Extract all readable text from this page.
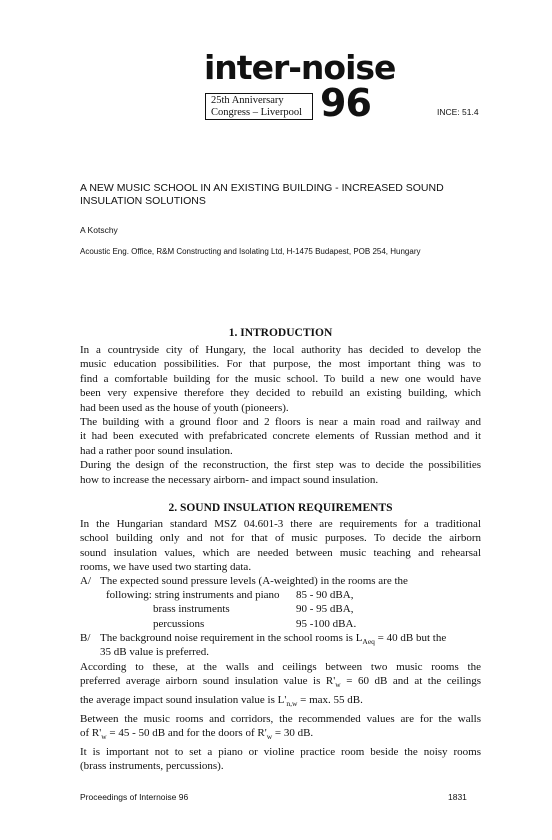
inter-noise
25th Anniversary
Congress – Liverpool 96	INCE: 51.4
A NEW MUSIC SCHOOL IN AN EXISTING BUILDING - INCREASED SOUND
INSULATION SOLUTIONS
A Kotschy
Acoustic Eng. Office, R&M Constructing and Isolating Ltd, H-1475 Budapest, POB 254, Hungary
1. INTRODUCTION
In a countryside city of Hungary, the local authority has decided to develop the
music education possibilities. For that purpose, the most important thing was to
find a comfortable building for the music school. To build a new one would have
been very expensive therefore they decided to rebuild an existing building, which
had been used as the house of youth (pioneers).
The building with a ground floor and 2 floors is near a main road and railway and
it had been executed with prefabricated concrete elements of Russian method and it
had a rather poor sound insulation.
During the design of the reconstruction, the first step was to decide the possibilities
how to increase the necessary airborn- and impact sound insulation.
2. SOUND INSULATION REQUIREMENTS
In the Hungarian standard MSZ 04.601-3 there are requirements for a traditional
school building only and not for that of music purposes. To decide the airborn
sound insulation values, which are needed between music teaching and rehearsal
rooms, we have used two starting data.
A/ The expected sound pressure levels (A-weighted) in the rooms are the
following: string instruments and piano 85 - 90 dBA,
brass instruments	90 - 95 dBA,
percussions	95 -100 dBA.
B/ The background noise requirement in the school rooms is $L_{Aeq} = 40$ dB but the
35 dB value is preferred.
According to these, at the walls and ceilings between two music rooms the
preferred average airborn sound insulation value is $R'_w = 60$ dB and at the ceilings
the average impact sound insulation value is $L'_{n,w} = \max$. 55 dB.
Between the music rooms and corridors, the recommended values are for the walls
of $R'_w = 45 - 50$ dB and for the doors of $R'_w = 30$ dB.
It is important not to set a piano or violine practice room beside the noisy rooms
(brass instruments, percussions).
Proceedings of Internoise 96	1831
